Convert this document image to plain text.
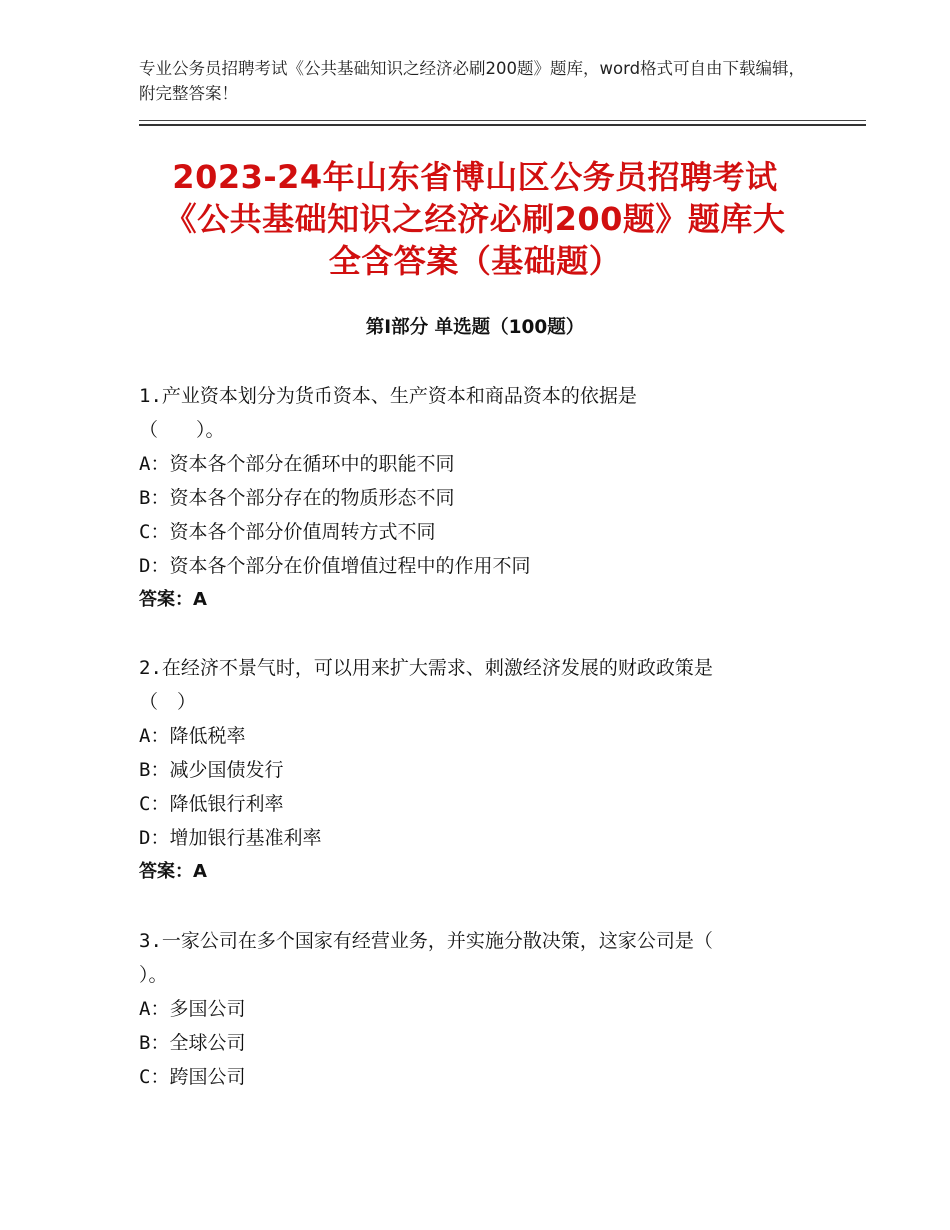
专业公务员招聘考试《公共基础知识之经济必刷200题》题库，word格式可自由下载编辑，附完整答案！
2023-24年山东省博山区公务员招聘考试
《公共基础知识之经济必刷200题》题库大
全含答案（基础题）
第Ⅰ部分 单选题（100题）
1.产业资本划分为货币资本、生产资本和商品资本的依据是
（　　）。
A：资本各个部分在循环中的职能不同
B：资本各个部分存在的物质形态不同
C：资本各个部分价值周转方式不同
D：资本各个部分在价值增值过程中的作用不同
答案：A
2.在经济不景气时，可以用来扩大需求、刺激经济发展的财政政策是
（　）
A：降低税率
B：减少国债发行
C：降低银行利率
D：增加银行基准利率
答案：A
3.一家公司在多个国家有经营业务，并实施分散决策，这家公司是（
）。
A：多国公司
B：全球公司
C：跨国公司
